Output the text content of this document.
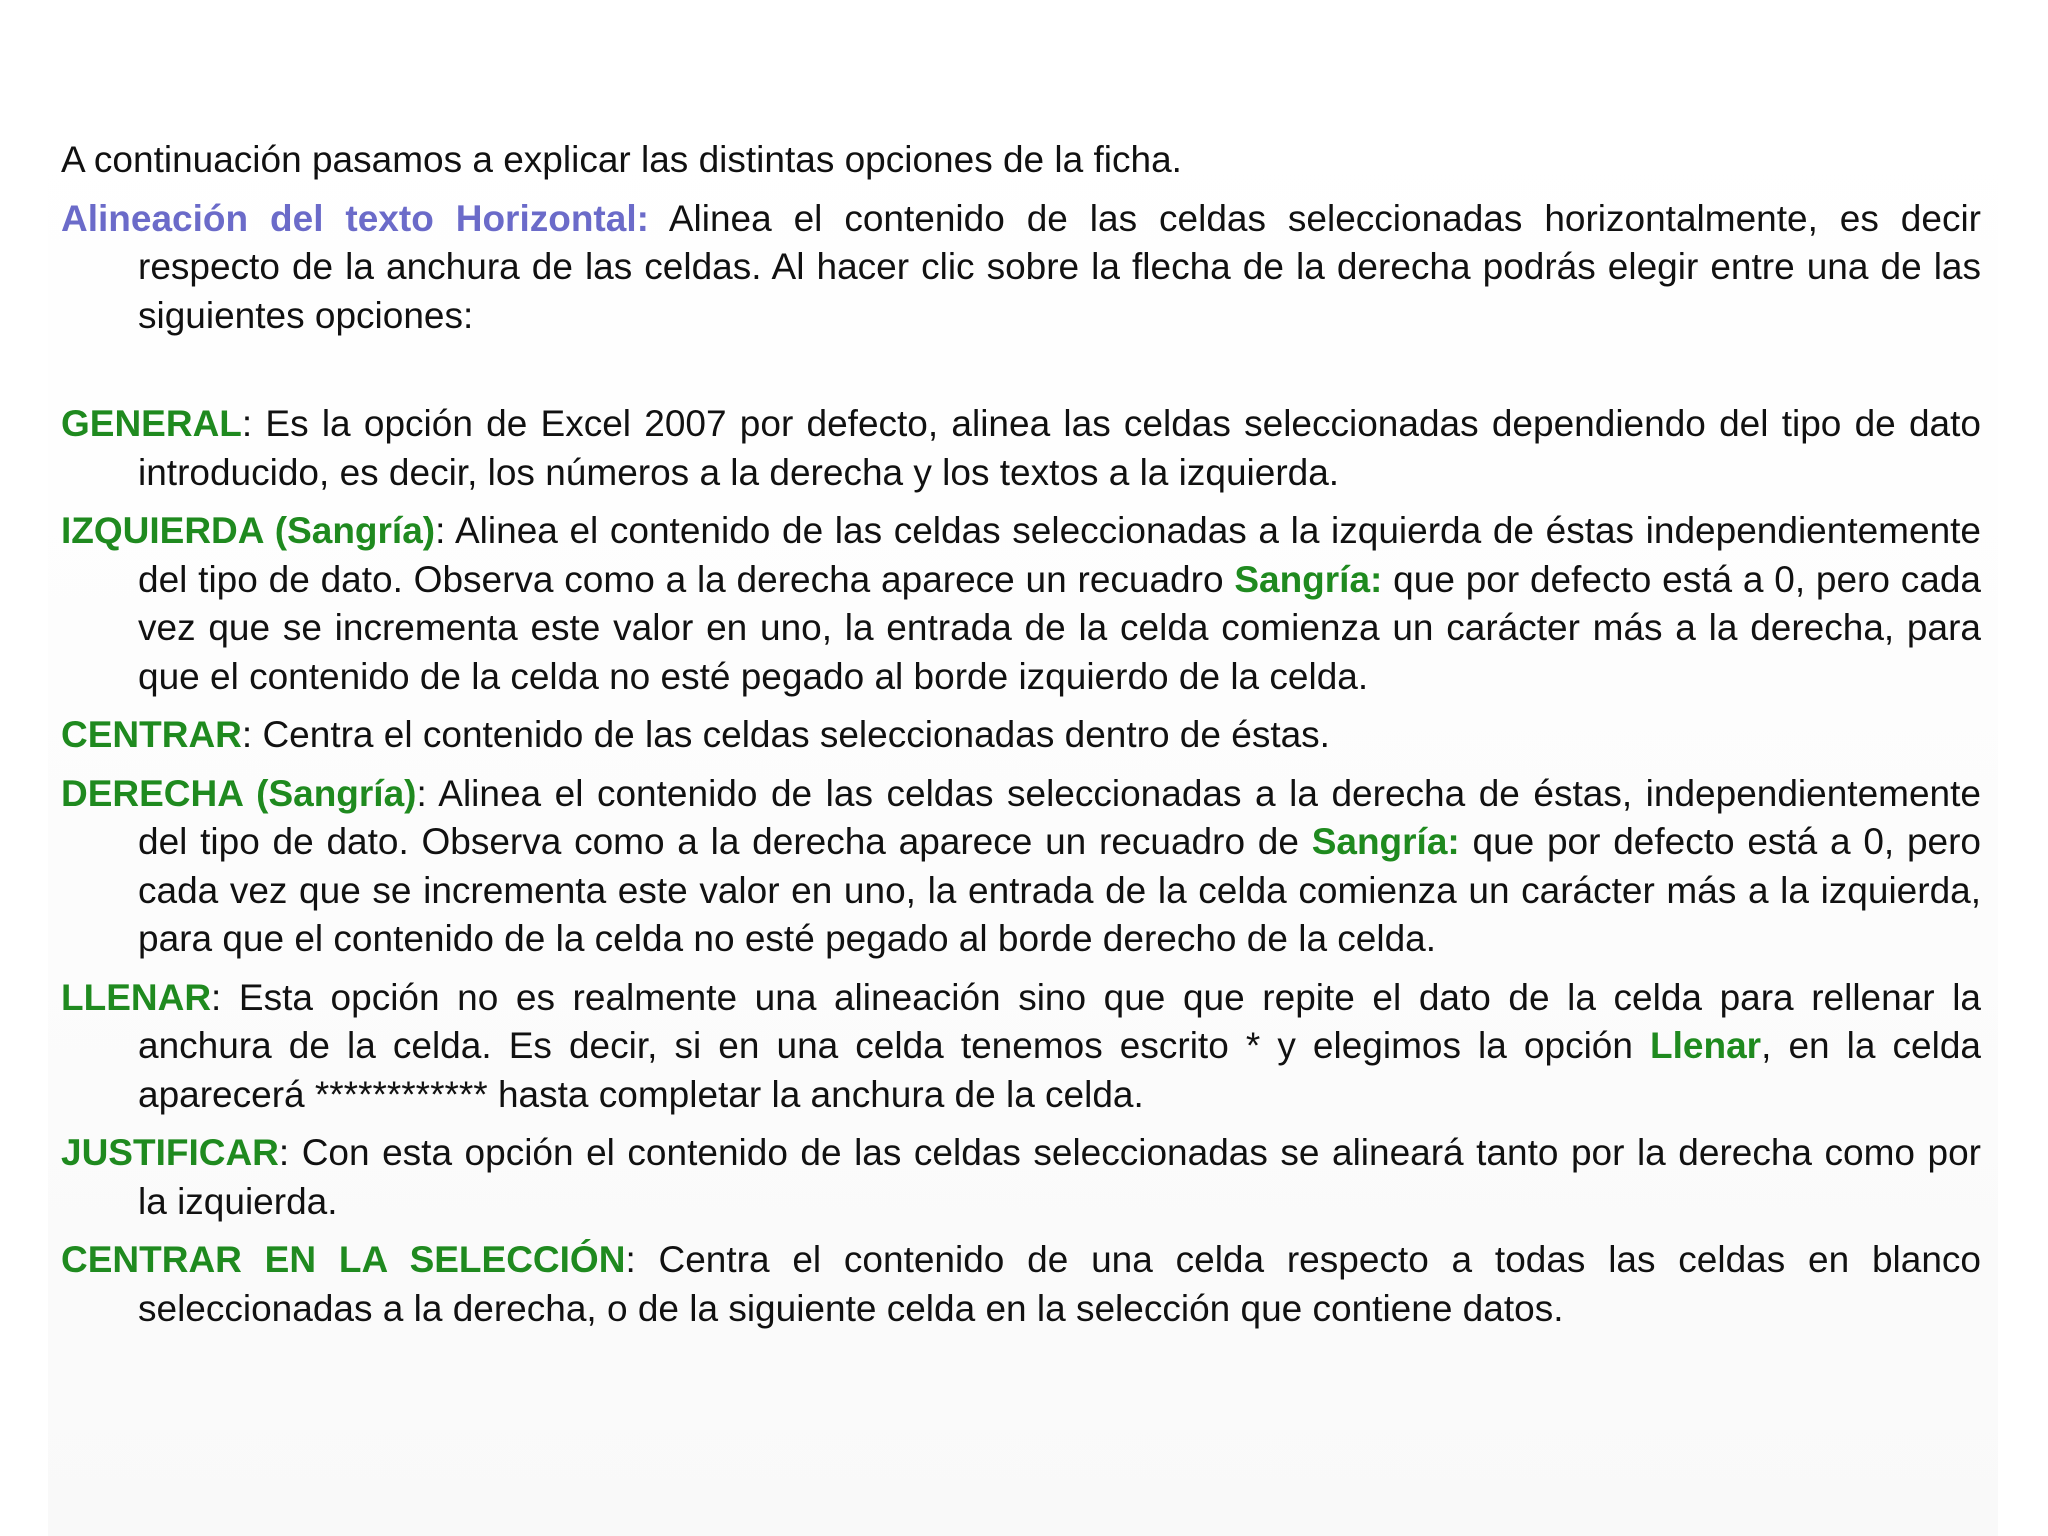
A continuación pasamos a explicar las distintas opciones de la ficha.

Alineación del texto Horizontal: Alinea el contenido de las celdas seleccionadas horizontalmente, es decir respecto de la anchura de las celdas. Al hacer clic sobre la flecha de la derecha podrás elegir entre una de las siguientes opciones:

GENERAL: Es la opción de Excel 2007 por defecto, alinea las celdas seleccionadas dependiendo del tipo de dato introducido, es decir, los números a la derecha y los textos a la izquierda.

IZQUIERDA (Sangría): Alinea el contenido de las celdas seleccionadas a la izquierda de éstas independientemente del tipo de dato. Observa como a la derecha aparece un recuadro Sangría: que por defecto está a 0, pero cada vez que se incrementa este valor en uno, la entrada de la celda comienza un carácter más a la derecha, para que el contenido de la celda no esté pegado al borde izquierdo de la celda.

CENTRAR: Centra el contenido de las celdas seleccionadas dentro de éstas.

DERECHA (Sangría): Alinea el contenido de las celdas seleccionadas a la derecha de éstas, independientemente del tipo de dato. Observa como a la derecha aparece un recuadro de Sangría: que por defecto está a 0, pero cada vez que se incrementa este valor en uno, la entrada de la celda comienza un carácter más a la izquierda, para que el contenido de la celda no esté pegado al borde derecho de la celda.

LLENAR: Esta opción no es realmente una alineación sino que que repite el dato de la celda para rellenar la anchura de la celda. Es decir, si en una celda tenemos escrito * y elegimos la opción Llenar, en la celda aparecerá ************ hasta completar la anchura de la celda.

JUSTIFICAR: Con esta opción el contenido de las celdas seleccionadas se alineará tanto por la derecha como por la izquierda.

CENTRAR EN LA SELECCIÓN: Centra el contenido de una celda respecto a todas las celdas en blanco seleccionadas a la derecha, o de la siguiente celda en la selección que contiene datos.
